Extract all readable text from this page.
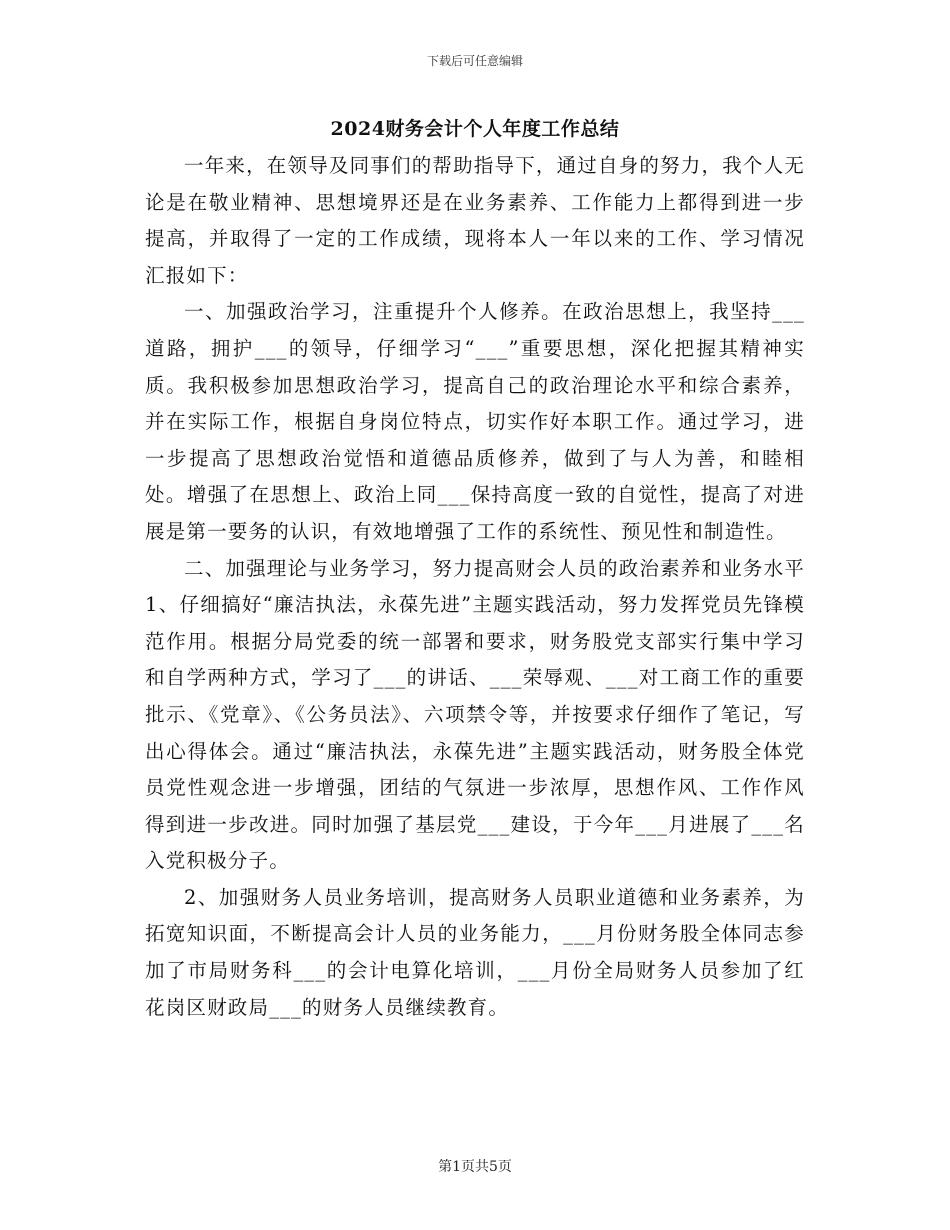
下载后可任意编辑
2024财务会计个人年度工作总结

一年来，在领导及同事们的帮助指导下，通过自身的努力，我个人无论是在敬业精神、思想境界还是在业务素养、工作能力上都得到进一步提高，并取得了一定的工作成绩，现将本人一年以来的工作、学习情况汇报如下：

一、加强政治学习，注重提升个人修养。在政治思想上，我坚持___道路，拥护___的领导，仔细学习“___”重要思想，深化把握其精神实质。我积极参加思想政治学习，提高自己的政治理论水平和综合素养，并在实际工作，根据自身岗位特点，切实作好本职工作。通过学习，进一步提高了思想政治觉悟和道德品质修养，做到了与人为善，和睦相处。增强了在思想上、政治上同___保持高度一致的自觉性，提高了对进展是第一要务的认识，有效地增强了工作的系统性、预见性和制造性。

二、加强理论与业务学习，努力提高财会人员的政治素养和业务水平1、仔细搞好“廉洁执法，永葆先进”主题实践活动，努力发挥党员先锋模范作用。根据分局党委的统一部署和要求，财务股党支部实行集中学习和自学两种方式，学习了___的讲话、___荣辱观、___对工商工作的重要批示、《党章》、《公务员法》、六项禁令等，并按要求仔细作了笔记，写出心得体会。通过“廉洁执法，永葆先进”主题实践活动，财务股全体党员党性观念进一步增强，团结的气氛进一步浓厚，思想作风、工作作风得到进一步改进。同时加强了基层党___建设，于今年___月进展了___名入党积极分子。

2、加强财务人员业务培训，提高财务人员职业道德和业务素养，为拓宽知识面，不断提高会计人员的业务能力，___月份财务股全体同志参加了市局财务科___的会计电算化培训，___月份全局财务人员参加了红花岗区财政局___的财务人员继续教育。

第1页共5页
